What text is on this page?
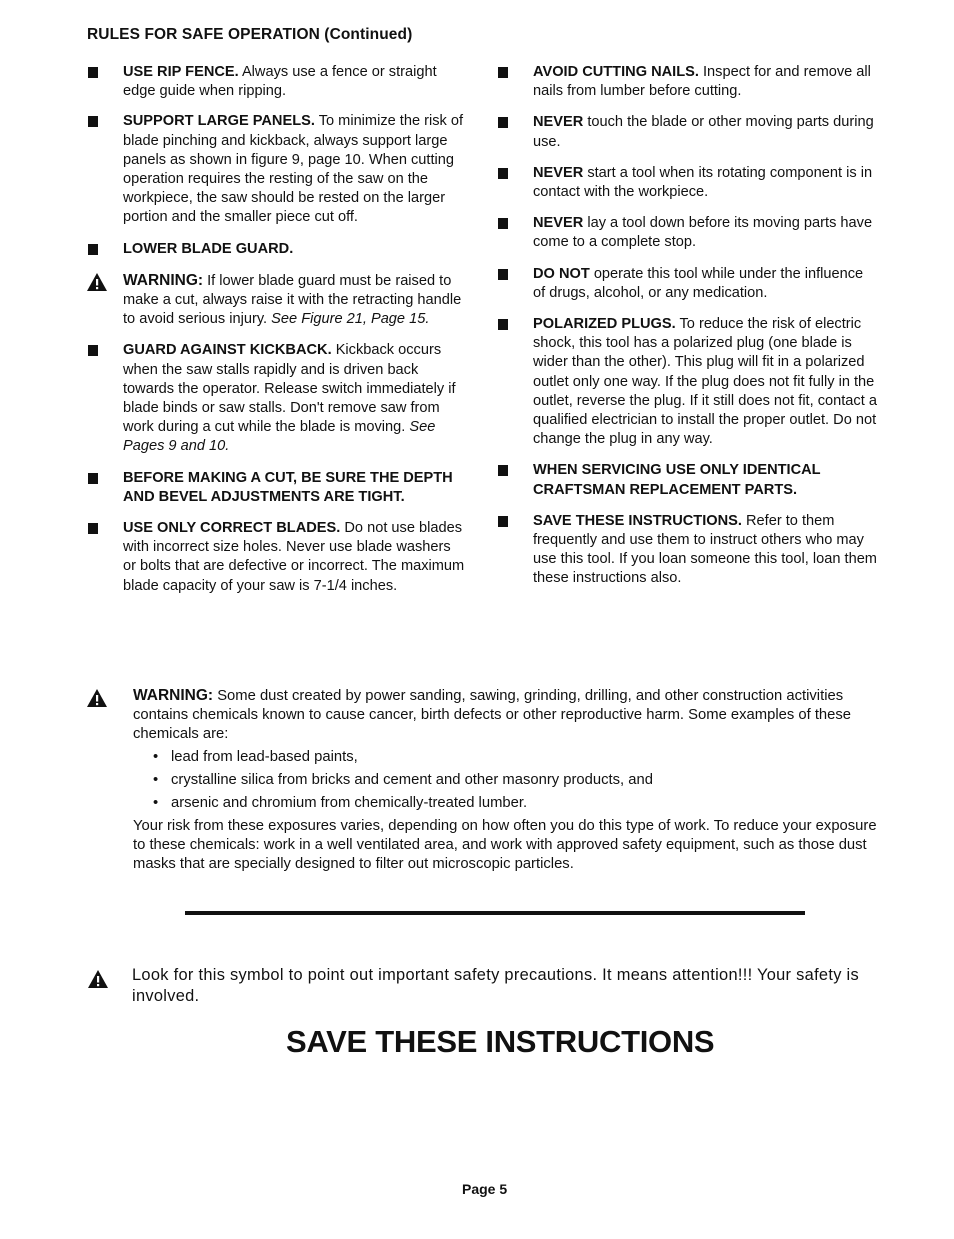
RULES FOR SAFE OPERATION (Continued)
USE RIP FENCE. Always use a fence or straight edge guide when ripping.
SUPPORT LARGE PANELS. To minimize the risk of blade pinching and kickback, always support large panels as shown in figure 9, page 10. When cutting operation requires the resting of the saw on the workpiece, the saw should be rested on the larger portion and the smaller piece cut off.
LOWER BLADE GUARD.
WARNING: If lower blade guard must be raised to make a cut, always raise it with the retracting handle to avoid serious injury. See Figure 21, Page 15.
GUARD AGAINST KICKBACK. Kickback occurs when the saw stalls rapidly and is driven back towards the operator. Release switch immediately if blade binds or saw stalls. Don't remove saw from work during a cut while the blade is moving. See Pages 9 and 10.
BEFORE MAKING A CUT, BE SURE THE DEPTH AND BEVEL ADJUSTMENTS ARE TIGHT.
USE ONLY CORRECT BLADES. Do not use blades with incorrect size holes. Never use blade washers or bolts that are defective or incorrect. The maximum blade capacity of your saw is 7-1/4 inches.
AVOID CUTTING NAILS. Inspect for and remove all nails from lumber before cutting.
NEVER touch the blade or other moving parts during use.
NEVER start a tool when its rotating component is in contact with the workpiece.
NEVER lay a tool down before its moving parts have come to a complete stop.
DO NOT operate this tool while under the influence of drugs, alcohol, or any medication.
POLARIZED PLUGS. To reduce the risk of electric shock, this tool has a polarized plug (one blade is wider than the other). This plug will fit in a polarized outlet only one way. If the plug does not fit fully in the outlet, reverse the plug. If it still does not fit, contact a qualified electrician to install the proper outlet. Do not change the plug in any way.
WHEN SERVICING USE ONLY IDENTICAL CRAFTSMAN REPLACEMENT PARTS.
SAVE THESE INSTRUCTIONS. Refer to them frequently and use them to instruct others who may use this tool. If you loan someone this tool, loan them these instructions also.
WARNING: Some dust created by power sanding, sawing, grinding, drilling, and other construction activities contains chemicals known to cause cancer, birth defects or other reproductive harm. Some examples of these chemicals are:
• lead from lead-based paints,
• crystalline silica from bricks and cement and other masonry products, and
• arsenic and chromium from chemically-treated lumber.
Your risk from these exposures varies, depending on how often you do this type of work. To reduce your exposure to these chemicals: work in a well ventilated area, and work with approved safety equipment, such as those dust masks that are specially designed to filter out microscopic particles.
Look for this symbol to point out important safety precautions. It means attention!!! Your safety is involved.
SAVE THESE INSTRUCTIONS
Page 5
